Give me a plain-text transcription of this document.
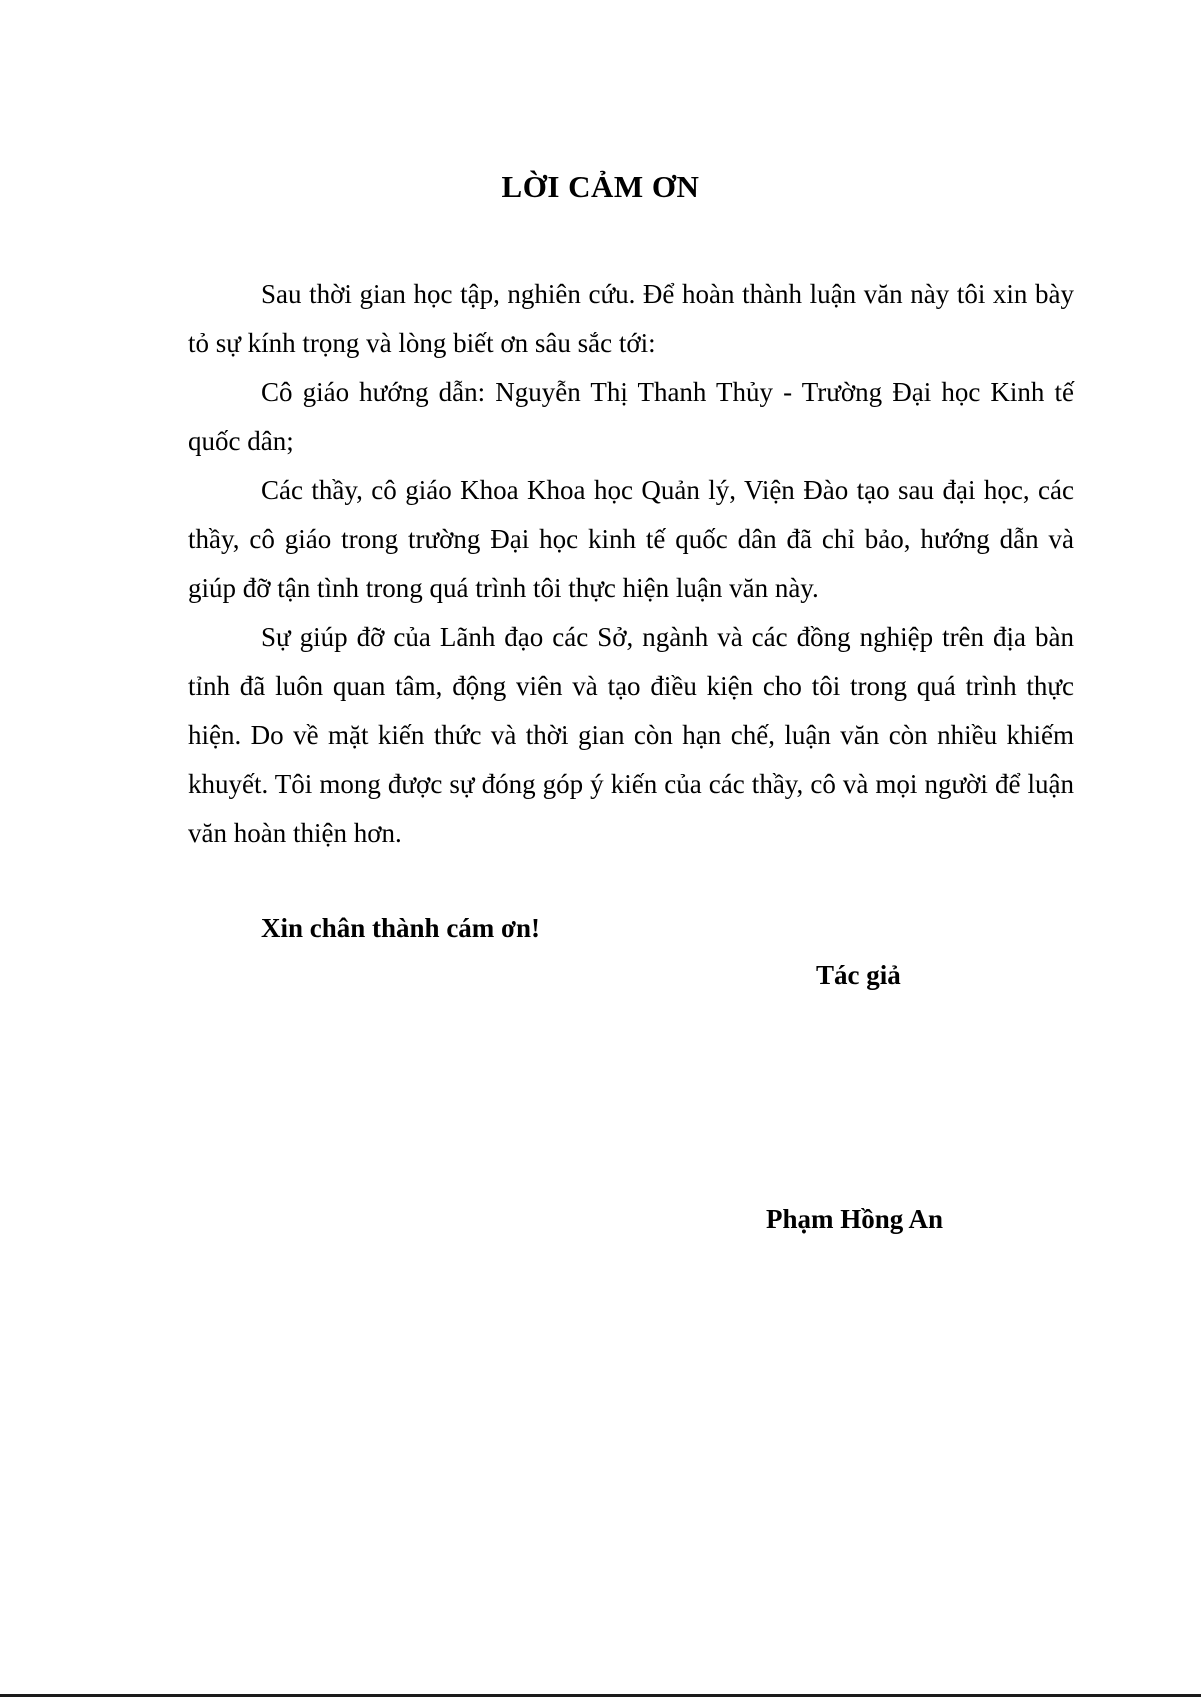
LỜI CẢM ƠN

Sau thời gian học tập, nghiên cứu. Để hoàn thành luận văn này tôi xin bày tỏ sự kính trọng và lòng biết ơn sâu sắc tới:

Cô giáo hướng dẫn: Nguyễn Thị Thanh Thủy - Trường Đại học Kinh tế quốc dân;

Các thầy, cô giáo Khoa Khoa học Quản lý, Viện Đào tạo sau đại học, các thầy, cô giáo trong trường Đại học kinh tế quốc dân đã chỉ bảo, hướng dẫn và giúp đỡ tận tình trong quá trình tôi thực hiện luận văn này.

Sự giúp đỡ của Lãnh đạo các Sở, ngành và các đồng nghiệp trên địa bàn tỉnh đã luôn quan tâm, động viên và tạo điều kiện cho tôi trong quá trình thực hiện. Do về mặt kiến thức và thời gian còn hạn chế, luận văn còn nhiều khiếm khuyết. Tôi mong được sự đóng góp ý kiến của các thầy, cô và mọi người để luận văn hoàn thiện hơn.

Xin chân thành cám ơn!
Tác giả
Phạm Hồng An
